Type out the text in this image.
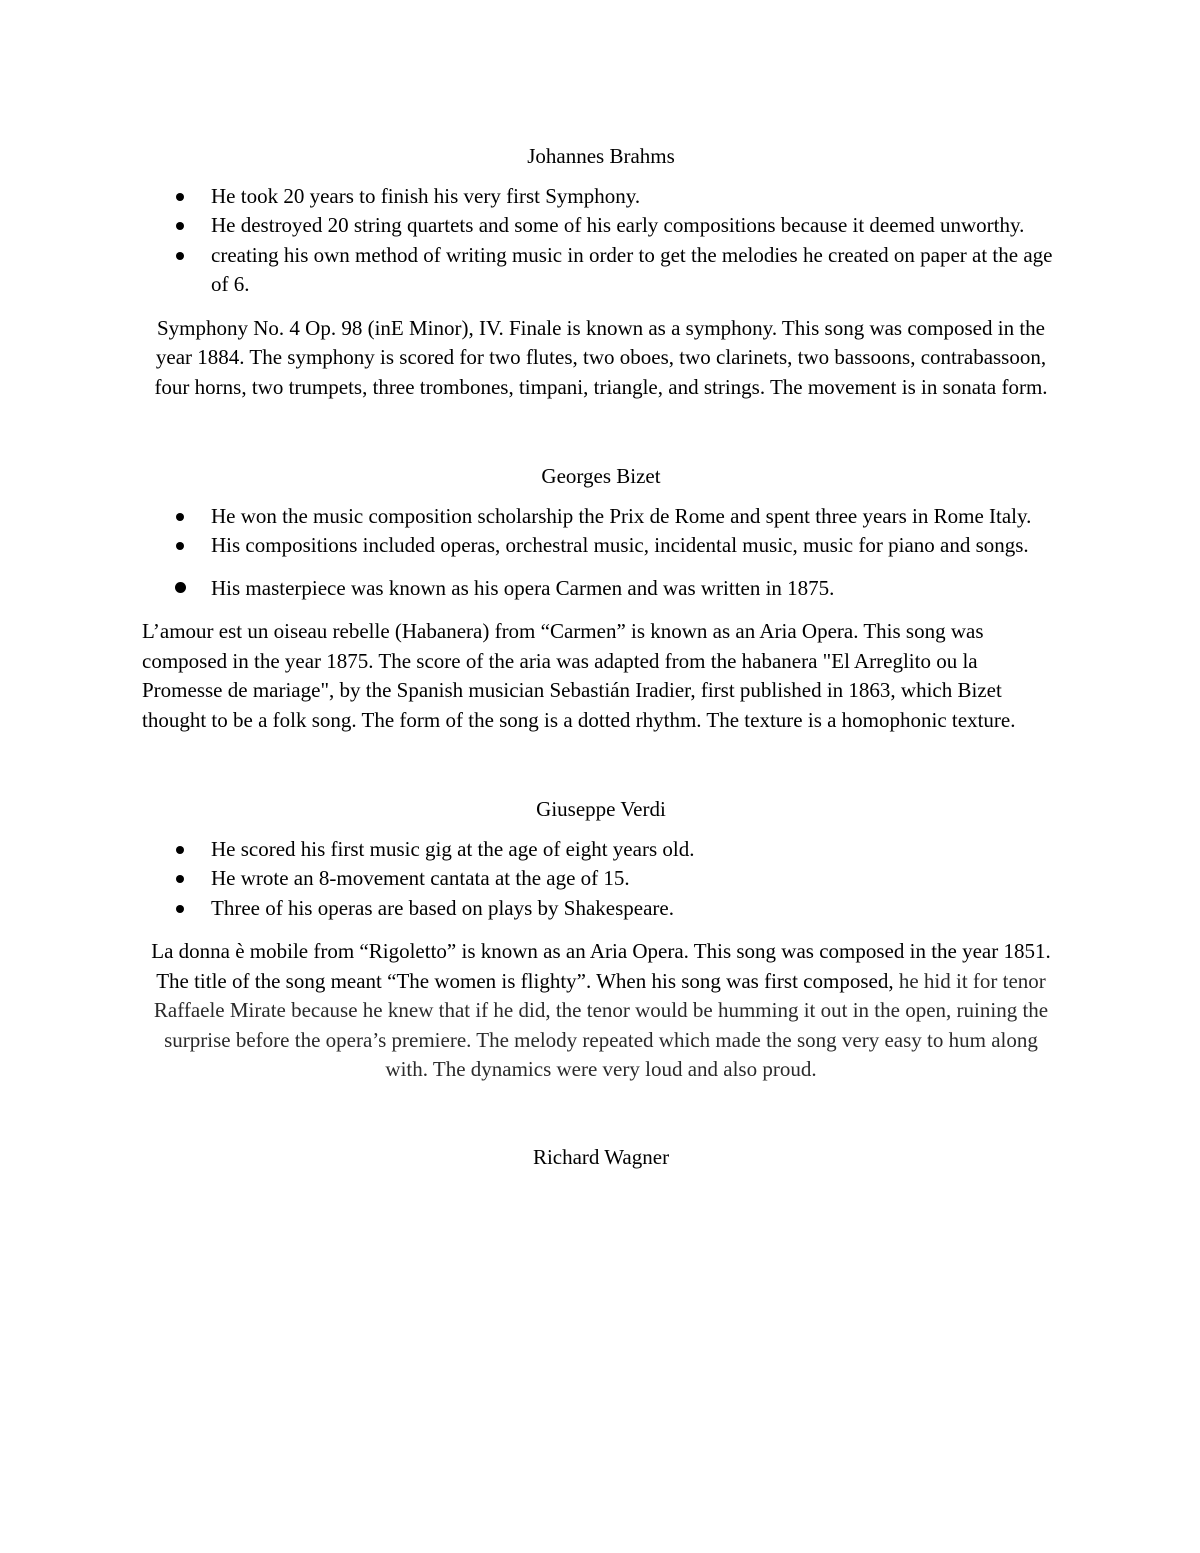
Johannes Brahms
He took 20 years to finish his very first Symphony.
He destroyed 20 string quartets and some of his early compositions because it deemed unworthy.
creating his own method of writing music in order to get the melodies he created on paper at the age of 6.

Symphony No. 4 Op. 98 (inE Minor), IV. Finale is known as a symphony. This song was composed in the year 1884. The symphony is scored for two flutes, two oboes, two clarinets, two bassoons, contrabassoon, four horns, two trumpets, three trombones, timpani, triangle, and strings. The movement is in sonata form.

Georges Bizet
He won the music composition scholarship the Prix de Rome and spent three years in Rome Italy.
His compositions included operas, orchestral music, incidental music, music for piano and songs.
His masterpiece was known as his opera Carmen and was written in 1875.

L’amour est un oiseau rebelle (Habanera) from “Carmen” is known as an Aria Opera. This song was composed in the year 1875. The score of the aria was adapted from the habanera "El Arreglito ou la Promesse de mariage", by the Spanish musician Sebastián Iradier, first published in 1863, which Bizet thought to be a folk song. The form of the song is a dotted rhythm. The texture is a homophonic texture.

Giuseppe Verdi
He scored his first music gig at the age of eight years old.
He wrote an 8-movement cantata at the age of 15.
Three of his operas are based on plays by Shakespeare.

La donna è mobile from “Rigoletto” is known as an Aria Opera. This song was composed in the year 1851. The title of the song meant “The women is flighty”. When his song was first composed, he hid it for tenor Raffaele Mirate because he knew that if he did, the tenor would be humming it out in the open, ruining the surprise before the opera’s premiere. The melody repeated which made the song very easy to hum along with. The dynamics were very loud and also proud.

Richard Wagner
